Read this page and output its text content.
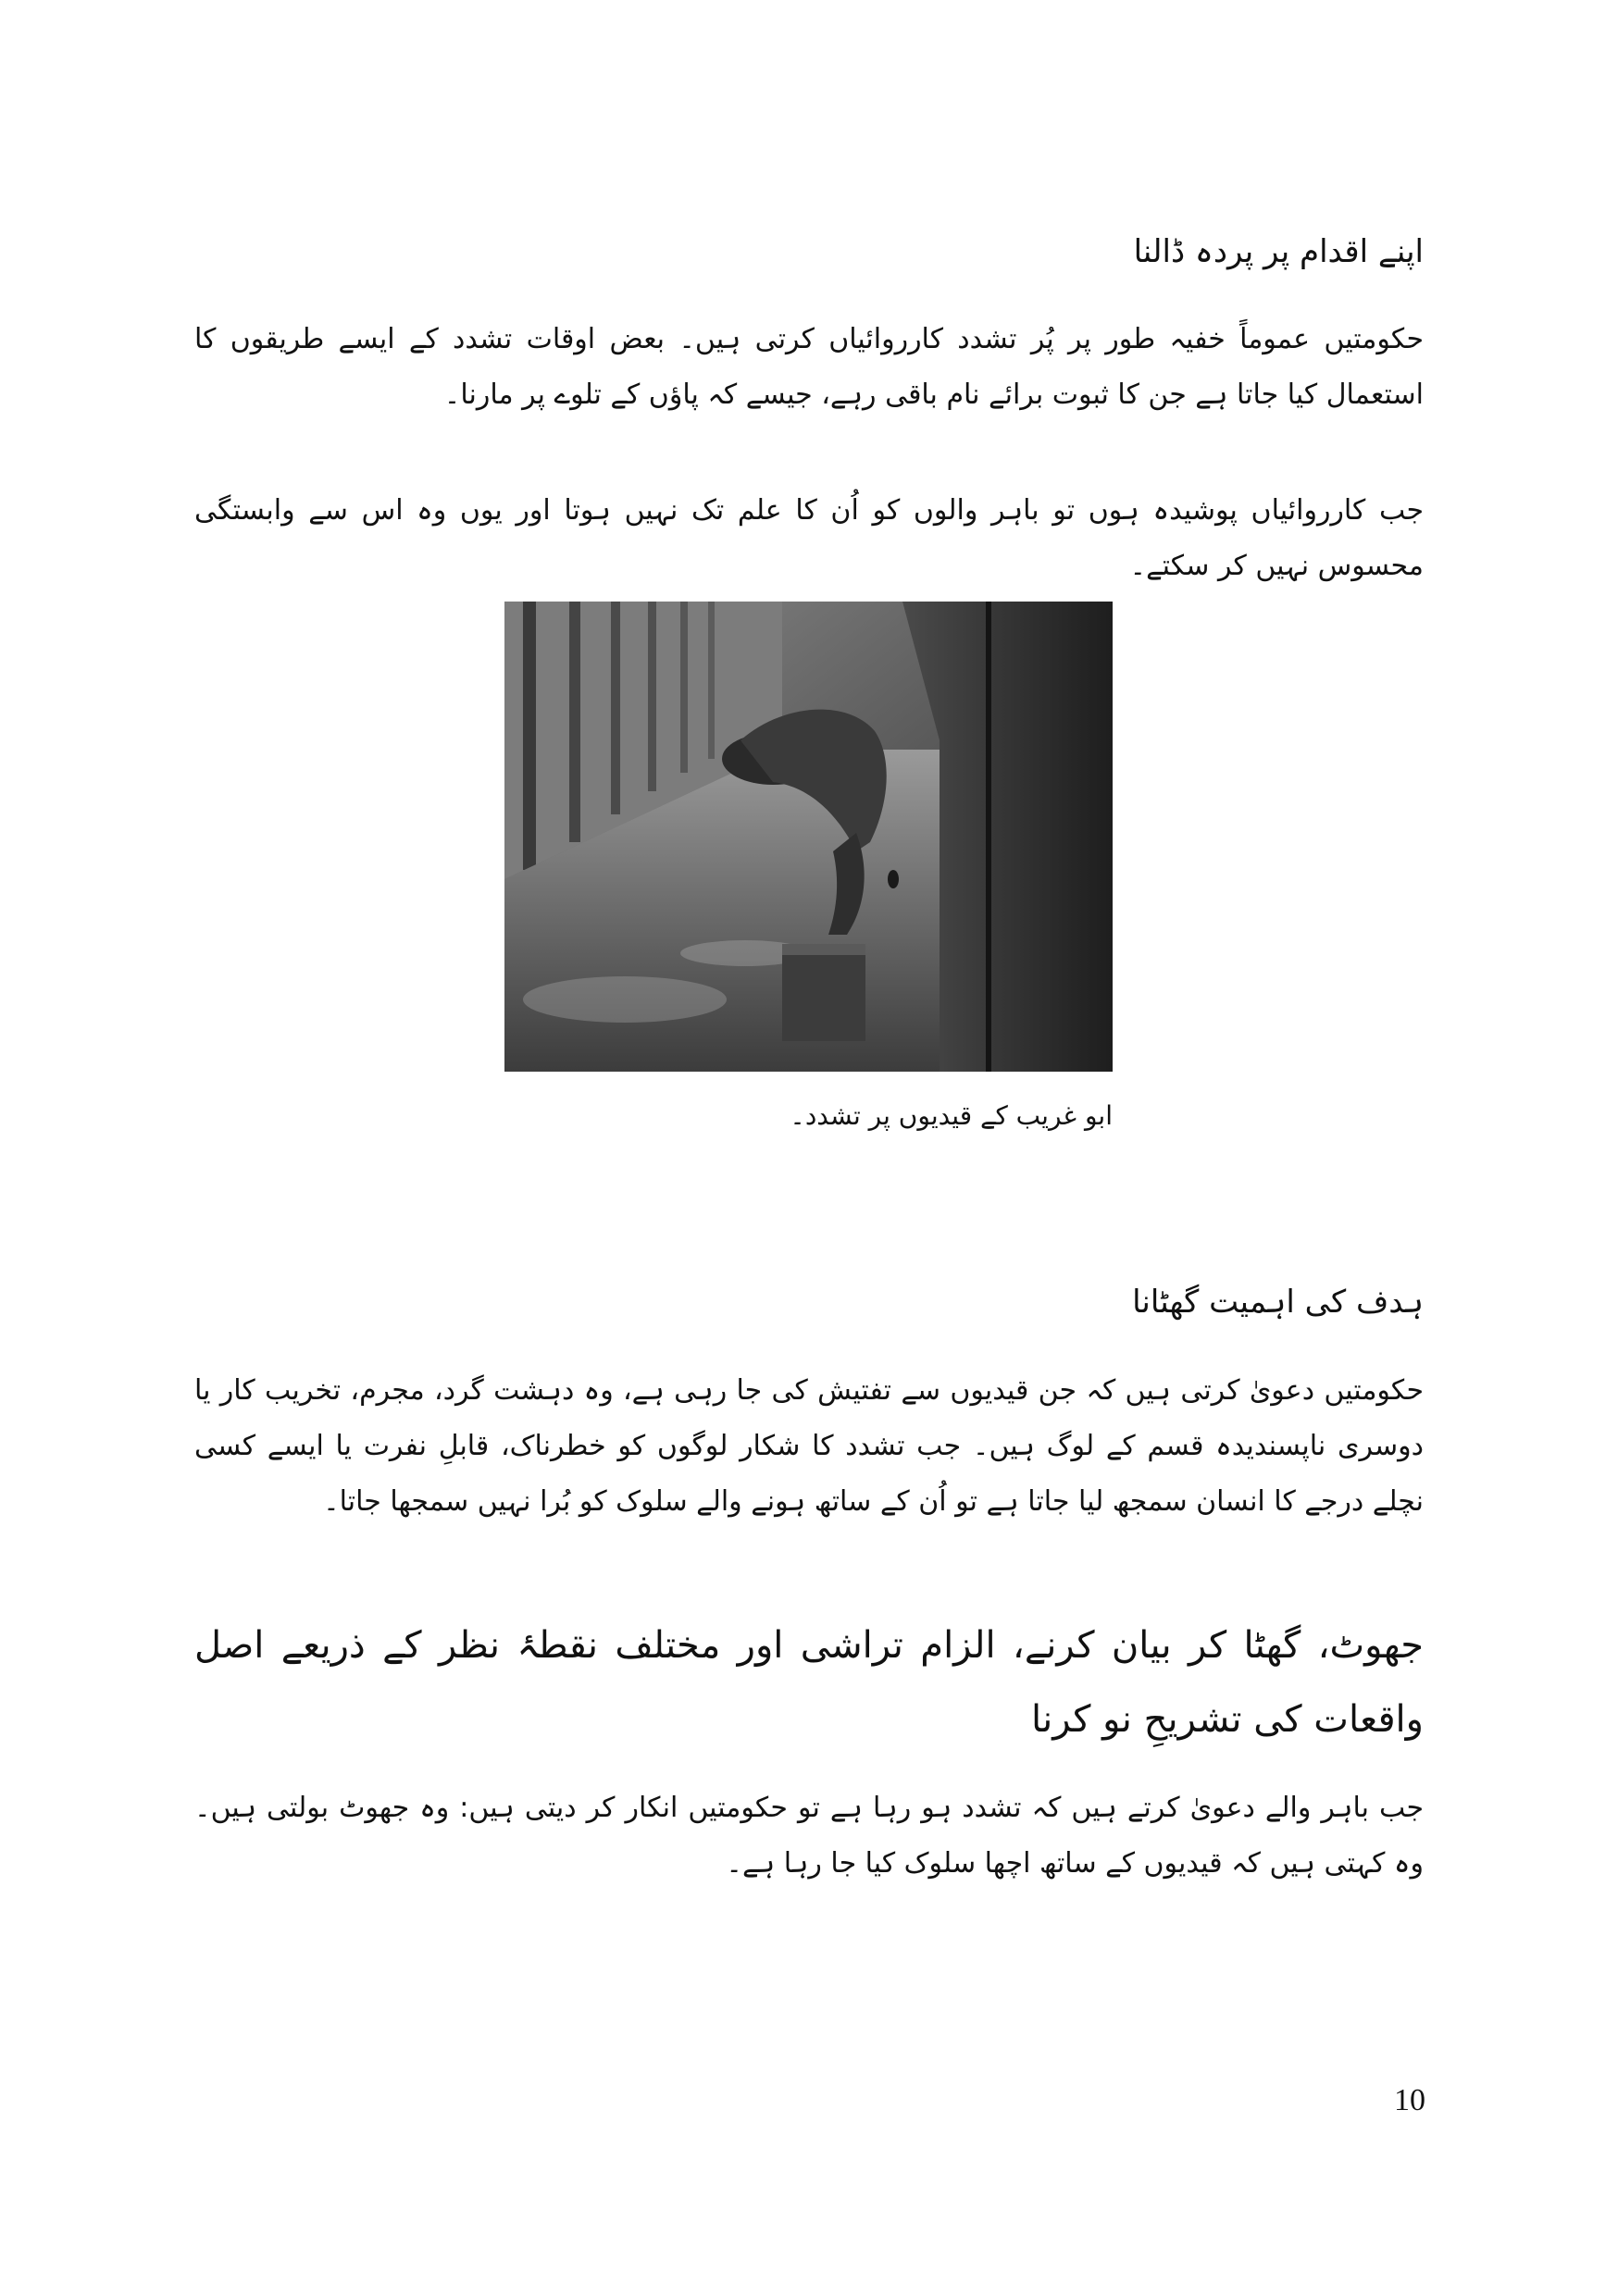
اپنے اقدام پر پردہ ڈالنا
حکومتیں عموماً خفیہ طور پر پُر تشدد کارروائیاں کرتی ہیں۔ بعض اوقات تشدد کے ایسے طریقوں کا استعمال کیا جاتا ہے جن کا ثبوت برائے نام باقی رہے، جیسے کہ پاؤں کے تلوے پر مارنا۔
جب کارروائیاں پوشیدہ ہوں تو باہر والوں کو اُن کا علم تک نہیں ہوتا اور یوں وہ اس سے وابستگی محسوس نہیں کر سکتے۔
ابو غریب کے قیدیوں پر تشدد۔
ہدف کی اہمیت گھٹانا
حکومتیں دعویٰ کرتی ہیں کہ جن قیدیوں سے تفتیش کی جا رہی ہے، وہ دہشت گرد، مجرم، تخریب کار یا دوسری ناپسندیدہ قسم کے لوگ ہیں۔ جب تشدد کا شکار لوگوں کو خطرناک، قابلِ نفرت یا ایسے کسی نچلے درجے کا انسان سمجھ لیا جاتا ہے تو اُن کے ساتھ ہونے والے سلوک کو بُرا نہیں سمجھا جاتا۔
جھوٹ، گھٹا کر بیان کرنے، الزام تراشی اور مختلف نقطۂ نظر کے ذریعے اصل واقعات کی تشریحِ نو کرنا
جب باہر والے دعویٰ کرتے ہیں کہ تشدد ہو رہا ہے تو حکومتیں انکار کر دیتی ہیں: وہ جھوٹ بولتی ہیں۔ وہ کہتی ہیں کہ قیدیوں کے ساتھ اچھا سلوک کیا جا رہا ہے۔
10
